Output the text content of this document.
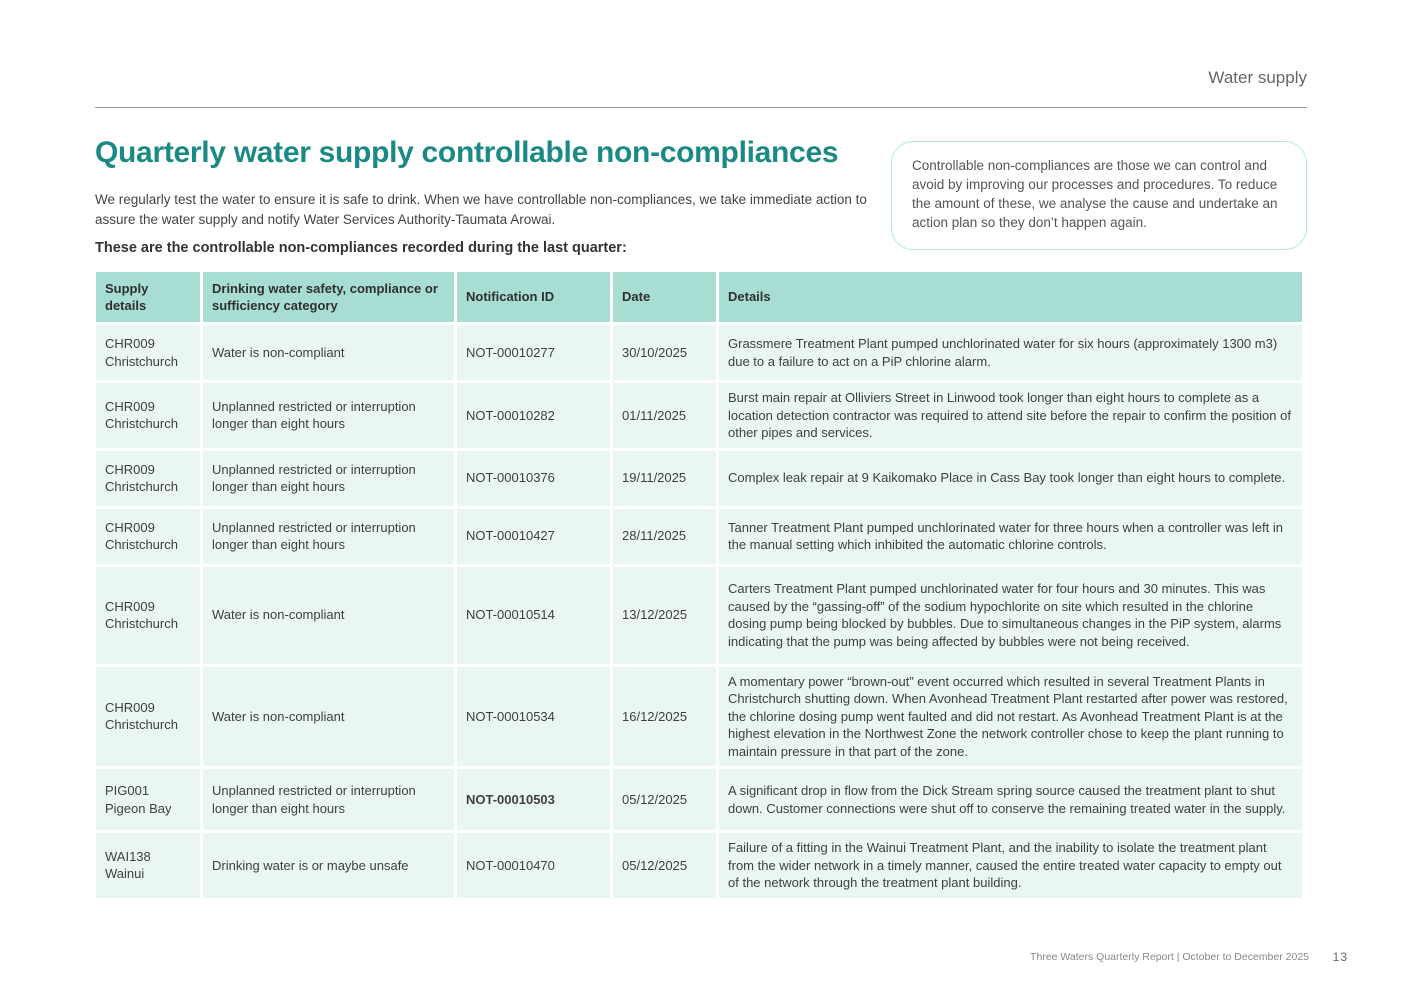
Water supply
Quarterly water supply controllable non-compliances

We regularly test the water to ensure it is safe to drink. When we have controllable non-compliances, we take immediate action to assure the water supply and notify Water Services Authority-Taumata Arowai.

These are the controllable non-compliances recorded during the last quarter:

Controllable non-compliances are those we can control and avoid by improving our processes and procedures. To reduce the amount of these, we analyse the cause and undertake an action plan so they don’t happen again.
Supply details	Drinking water safety, compliance or sufficiency category	Notification ID	Date	Details

CHR009
Christchurch	Water is non-compliant	NOT-00010277	30/10/2025	Grassmere Treatment Plant pumped unchlorinated water for six hours (approximately 1300 m3) due to a failure to act on a PiP chlorine alarm.

CHR009
Christchurch	Unplanned restricted or interruption longer than eight hours	NOT-00010282	01/11/2025	Burst main repair at Olliviers Street in Linwood took longer than eight hours to complete as a location detection contractor was required to attend site before the repair to confirm the position of other pipes and services.

CHR009
Christchurch	Unplanned restricted or interruption longer than eight hours	NOT-00010376	19/11/2025	Complex leak repair at 9 Kaikomako Place in Cass Bay took longer than eight hours to complete.

CHR009
Christchurch	Unplanned restricted or interruption longer than eight hours	NOT-00010427	28/11/2025	Tanner Treatment Plant pumped unchlorinated water for three hours when a controller was left in the manual setting which inhibited the automatic chlorine controls.

CHR009
Christchurch	Water is non-compliant	NOT-00010514	13/12/2025	Carters Treatment Plant pumped unchlorinated water for four hours and 30 minutes. This was caused by the “gassing-off” of the sodium hypochlorite on site which resulted in the chlorine dosing pump being blocked by bubbles. Due to simultaneous changes in the PiP system, alarms indicating that the pump was being affected by bubbles were not being received.

CHR009
Christchurch	Water is non-compliant	NOT-00010534	16/12/2025	A momentary power “brown-out” event occurred which resulted in several Treatment Plants in Christchurch shutting down. When Avonhead Treatment Plant restarted after power was restored, the chlorine dosing pump went faulted and did not restart. As Avonhead Treatment Plant is at the highest elevation in the Northwest Zone the network controller chose to keep the plant running to maintain pressure in that part of the zone.

PIG001
Pigeon Bay	Unplanned restricted or interruption longer than eight hours	NOT-00010503	05/12/2025	A significant drop in flow from the Dick Stream spring source caused the treatment plant to shut down. Customer connections were shut off to conserve the remaining treated water in the supply.

WAI138
Wainui	Drinking water is or maybe unsafe	NOT-00010470	05/12/2025	Failure of a fitting in the Wainui Treatment Plant, and the inability to isolate the treatment plant from the wider network in a timely manner, caused the entire treated water capacity to empty out of the network through the treatment plant building.
Three Waters Quarterly Report | October to December 2025 13
